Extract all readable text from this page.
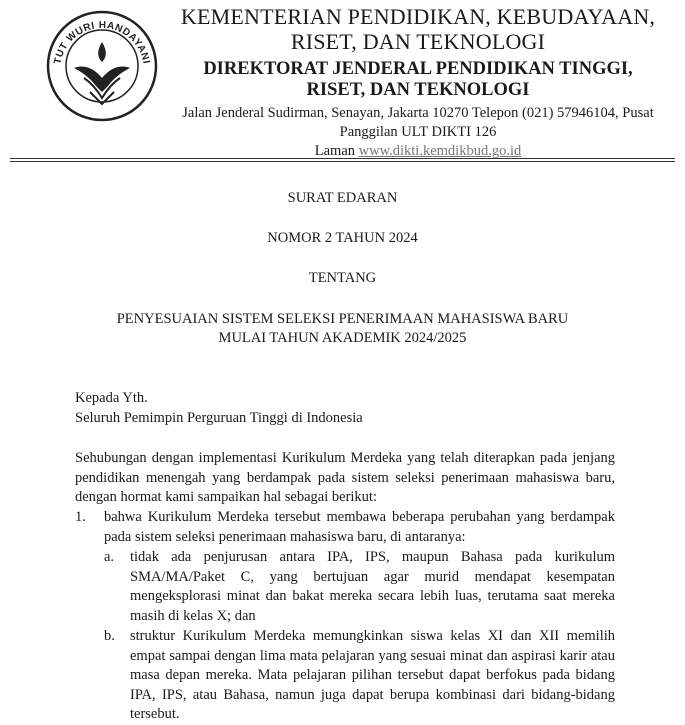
TUT WURI HANDAYANI
KEMENTERIAN PENDIDIKAN, KEBUDAYAAN,
RISET, DAN TEKNOLOGI
DIREKTORAT JENDERAL PENDIDIKAN TINGGI,
RISET, DAN TEKNOLOGI
Jalan Jenderal Sudirman, Senayan, Jakarta 10270 Telepon (021) 57946104, Pusat
Panggilan ULT DIKTI 126
Laman www.dikti.kemdikbud.go.id
SURAT EDARAN
NOMOR 2 TAHUN 2024
TENTANG
PENYESUAIAN SISTEM SELEKSI PENERIMAAN MAHASISWA BARU
MULAI TAHUN AKADEMIK 2024/2025
Kepada Yth.
Seluruh Pemimpin Perguruan Tinggi di Indonesia
Sehubungan dengan implementasi Kurikulum Merdeka yang telah diterapkan pada jenjang pendidikan menengah yang berdampak pada sistem seleksi penerimaan mahasiswa baru, dengan hormat kami sampaikan hal sebagai berikut:
1. bahwa Kurikulum Merdeka tersebut membawa beberapa perubahan yang berdampak pada sistem seleksi penerimaan mahasiswa baru, di antaranya:
a. tidak ada penjurusan antara IPA, IPS, maupun Bahasa pada kurikulum SMA/MA/Paket C, yang bertujuan agar murid mendapat kesempatan mengeksplorasi minat dan bakat mereka secara lebih luas, terutama saat mereka masih di kelas X; dan
b. struktur Kurikulum Merdeka memungkinkan siswa kelas XI dan XII memilih empat sampai dengan lima mata pelajaran yang sesuai minat dan aspirasi karir atau masa depan mereka. Mata pelajaran pilihan tersebut dapat berfokus pada bidang IPA, IPS, atau Bahasa, namun juga dapat berupa kombinasi dari bidang-bidang tersebut.
